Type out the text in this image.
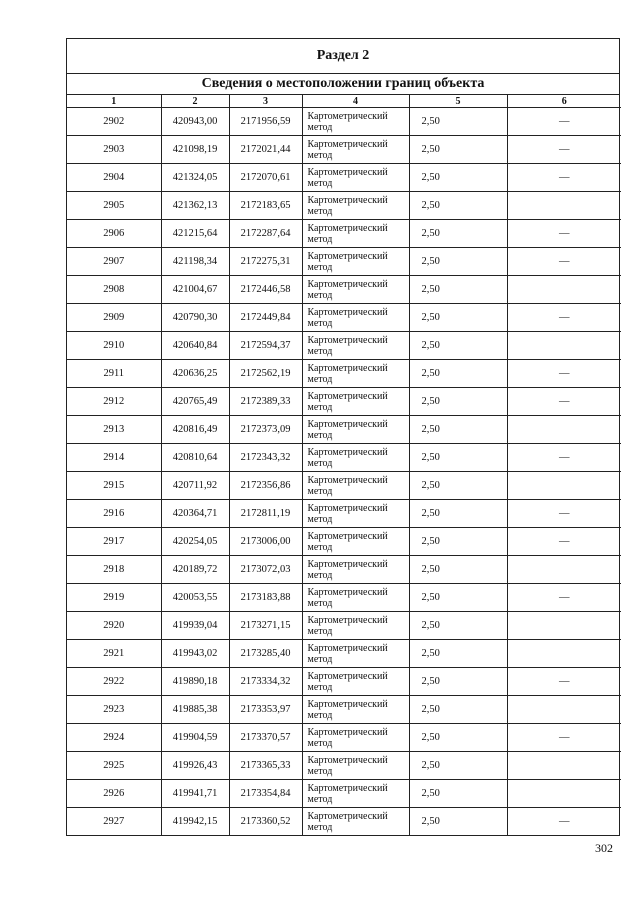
Раздел 2
Сведения о местоположении границ объекта
1	2	3	4	5	6
2902	420943,00	2171956,59	Картометрический метод	2,50	—
2903	421098,19	2172021,44	Картометрический метод	2,50	—
2904	421324,05	2172070,61	Картометрический метод	2,50	—
2905	421362,13	2172183,65	Картометрический метод	2,50	
2906	421215,64	2172287,64	Картометрический метод	2,50	—
2907	421198,34	2172275,31	Картометрический метод	2,50	—
2908	421004,67	2172446,58	Картометрический метод	2,50	
2909	420790,30	2172449,84	Картометрический метод	2,50	—
2910	420640,84	2172594,37	Картометрический метод	2,50	
2911	420636,25	2172562,19	Картометрический метод	2,50	—
2912	420765,49	2172389,33	Картометрический метод	2,50	—
2913	420816,49	2172373,09	Картометрический метод	2,50	
2914	420810,64	2172343,32	Картометрический метод	2,50	—
2915	420711,92	2172356,86	Картометрический метод	2,50	
2916	420364,71	2172811,19	Картометрический метод	2,50	—
2917	420254,05	2173006,00	Картометрический метод	2,50	—
2918	420189,72	2173072,03	Картометрический метод	2,50	
2919	420053,55	2173183,88	Картометрический метод	2,50	—
2920	419939,04	2173271,15	Картометрический метод	2,50	
2921	419943,02	2173285,40	Картометрический метод	2,50	
2922	419890,18	2173334,32	Картометрический метод	2,50	—
2923	419885,38	2173353,97	Картометрический метод	2,50	
2924	419904,59	2173370,57	Картометрический метод	2,50	—
2925	419926,43	2173365,33	Картометрический метод	2,50	
2926	419941,71	2173354,84	Картометрический метод	2,50	
2927	419942,15	2173360,52	Картометрический метод	2,50	—
302
